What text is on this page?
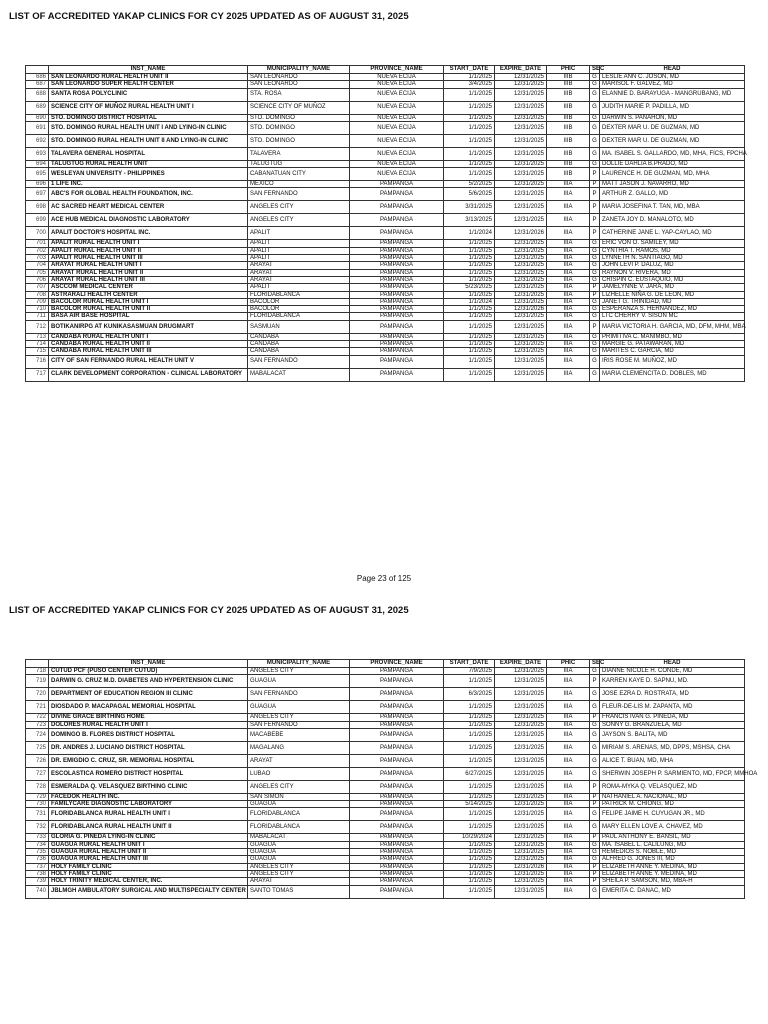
LIST OF ACCREDITED YAKAP CLINICS FOR CY 2025 UPDATED AS OF AUGUST 31, 2025
	INST_NAME	MUNICIPALITY_NAME	PROVINCE_NAME	START_DATE	EXPIRE_DATE	PHIC	SEC	HEAD
686	SAN LEONARDO RURAL HEALTH UNIT II	SAN LEONARDO	NUEVA ECIJA	1/1/2025	12/31/2025	IIIB	G	LESLIE ANN C. JOSON, MD
687	SAN LEONARDO SUPER HEALTH CENTER	SAN LEONARDO	NUEVA ECIJA	3/4/2025	12/31/2025	IIIB	G	MARISOL F. GALVEZ, MD
688	SANTA ROSA POLYCLINIC	STA. ROSA	NUEVA ECIJA	1/1/2025	12/31/2025	IIIB	G	ELANNIE D. BARAYUGA - MANGRUBANG, MD
689	SCIENCE CITY OF MUÑOZ RURAL HEALTH UNIT I	SCIENCE CITY OF MUÑOZ	NUEVA ECIJA	1/1/2025	12/31/2025	IIIB	G	JUDITH MARIE P. PADILLA, MD
690	STO. DOMINGO DISTRICT HOSPITAL	STO. DOMINGO	NUEVA ECIJA	1/1/2025	12/31/2025	IIIB	G	DARWIN S. PANAHON, MD
691	STO. DOMINGO RURAL HEALTH UNIT I AND LYING-IN CLINIC	STO. DOMINGO	NUEVA ECIJA	1/1/2025	12/31/2025	IIIB	G	DEXTER MAR U. DE GUZMAN, MD
692	STO. DOMINGO RURAL HEALTH UNIT II AND LYING-IN CLINIC	STO. DOMINGO	NUEVA ECIJA	1/1/2025	12/31/2025	IIIB	G	DEXTER MAR U. DE GUZMAN, MD
693	TALAVERA GENERAL HOSPITAL	TALAVERA	NUEVA ECIJA	1/1/2025	12/31/2025	IIIB	G	MA. ISABEL S. GALLARDO, MD, MHA, FICS, FPCHA
694	TALUGTUG RURAL HEALTH UNIT	TALUGTUG	NUEVA ECIJA	1/1/2025	12/31/2025	IIIB	G	DOLLIE DAHLIA B.PRADO, MD
695	WESLEYAN UNIVERSITY - PHILIPPINES	CABANATUAN CITY	NUEVA ECIJA	1/1/2025	12/31/2025	IIIB	P	LAURENCE H. DE GUZMAN, MD, MHA
696	1 LIFE INC.	MEXICO	PAMPANGA	5/2/2025	12/31/2025	IIIA	P	MATT JASON J. NAVARRO, MD
697	ABC'S FOR GLOBAL HEALTH FOUNDATION, INC.	SAN FERNANDO	PAMPANGA	5/6/2025	12/31/2025	IIIA	P	ARTHUR Z. GALLO, MD
698	AC SACRED HEART MEDICAL CENTER	ANGELES CITY	PAMPANGA	3/31/2025	12/31/2025	IIIA	P	MARIA JOSEFINA T. TAN, MD, MBA
699	ACE HUB MEDICAL DIAGNOSTIC LABORATORY	ANGELES CITY	PAMPANGA	3/13/2025	12/31/2025	IIIA	P	ZANETA JOY D. MANALOTO, MD
700	APALIT DOCTOR'S HOSPITAL INC.	APALIT	PAMPANGA	1/1/2024	12/31/2026	IIIA	P	CATHERINE JANE L. YAP-CAYLAO, MD
701	APALIT RURAL HEALTH UNIT I	APALIT	PAMPANGA	1/1/2025	12/31/2025	IIIA	G	ERIC VON O. SAMILEY, MD
702	APALIT RURAL HEALTH UNIT II	APALIT	PAMPANGA	1/1/2025	12/31/2025	IIIA	G	CYNTHIA T. RAMOS, MD
703	APALIT RURAL HEALTH UNIT III	APALIT	PAMPANGA	1/1/2025	12/31/2025	IIIA	G	LYNNETH N. SANTIAGO, MD
704	ARAYAT RURAL HEALTH UNIT I	ARAYAT	PAMPANGA	1/1/2025	12/31/2025	IIIA	G	JOHN LEVI P. DALUZ, MD
705	ARAYAT RURAL HEALTH UNIT II	ARAYAT	PAMPANGA	1/1/2025	12/31/2025	IIIA	G	RAYNON V. RIVERA, MD
706	ARAYAT RURAL HEALTH UNIT III	ARAYAT	PAMPANGA	1/1/2025	12/31/2025	IIIA	G	CRISPIN C. EUSTAQUIO, MD
707	ASCCOM MEDICAL CENTER	APALIT	PAMPANGA	5/23/2025	12/31/2025	IIIA	P	JAMELYNNE V. JARA, MD
708	ASTRARALI HEALTH CENTER	FLORIDABLANCA	PAMPANGA	1/1/2025	12/31/2025	IIIA	P	LIZHELLE NIÑA G. DE LEON, MD
709	BACOLOR RURAL HEALTH UNIT I	BACOLOR	PAMPANGA	1/1/2024	12/31/2025	IIIA	G	JANET G. TRINIDAD, MD
710	BACOLOR RURAL HEALTH UNIT II	BACOLOR	PAMPANGA	1/1/2025	12/31/2026	IIIA	G	ESPERANZA S. HERNANDEZ, MD
711	BASA AIR BASE HOSPITAL	FLORIDABLANCA	PAMPANGA	1/1/2025	12/31/2025	IIIA	G	LTC CHERRY V. SISON MC
712	BOTIKANIRPG AT KUNIKASASMUAN DRUGMART	SASMUAN	PAMPANGA	1/1/2025	12/31/2025	IIIA	P	MARIA VICTORIA H. GARCIA, MD, DFM, MHM, MBA
713	CANDABA RURAL HEALTH UNIT I	CANDABA	PAMPANGA	1/1/2025	12/31/2025	IIIA	G	PRIMITIVA C. MANIMBO, MD
714	CANDABA RURAL HEALTH UNIT II	CANDABA	PAMPANGA	1/1/2025	12/31/2025	IIIA	G	MARGIE G. PATAWARAN, MD
715	CANDABA RURAL HEALTH UNIT III	CANDABA	PAMPANGA	1/1/2025	12/31/2025	IIIA	G	MARITES C. GARCIA, MD
716	CITY OF SAN FERNANDO RURAL HEALTH UNIT V	SAN FERNANDO	PAMPANGA	1/1/2025	12/31/2025	IIIA	G	IRIS ROSE M. MUÑOZ, MD
717	CLARK DEVELOPMENT CORPORATION - CLINICAL LABORATORY	MABALACAT	PAMPANGA	1/1/2025	12/31/2025	IIIA	G	MARIA CLEMENCITA D. DOBLES, MD
Page 23 of 125
LIST OF ACCREDITED YAKAP CLINICS FOR CY 2025 UPDATED AS OF AUGUST 31, 2025
	INST_NAME	MUNICIPALITY_NAME	PROVINCE_NAME	START_DATE	EXPIRE_DATE	PHIC	SEC	HEAD
718	CUTUD PCF (PUSO CENTER CUTUD)	ANGELES CITY	PAMPANGA	7/9/2025	12/31/2025	IIIA	G	DIANNE NICOLE H. CONDE, MD
719	DARWIN G. CRUZ M.D. DIABETES AND HYPERTENSION CLINIC	GUAGUA	PAMPANGA	1/1/2025	12/31/2025	IIIA	P	KARREN KAYE D. SAPNU, MD.
720	DEPARTMENT OF EDUCATION REGION III CLINIC	SAN FERNANDO	PAMPANGA	6/3/2025	12/31/2025	IIIA	G	JOSE EZRA D. ROSTRATA, MD
721	DIOSDADO P. MACAPAGAL MEMORIAL HOSPITAL	GUAGUA	PAMPANGA	1/1/2025	12/31/2025	IIIA	G	FLEUR-DE-LIS M. ZAPANTA, MD
722	DIVINE GRACE BIRTHING HOME	ANGELES CITY	PAMPANGA	1/1/2025	12/31/2025	IIIA	P	FRANCIS IVAN G. PINEDA, MD
723	DOLORES RURAL HEALTH UNIT I	SAN FERNANDO	PAMPANGA	1/1/2025	12/31/2025	IIIA	G	SONNY G. BRANZUELA, MD
724	DOMINGO B. FLORES DISTRICT HOSPITAL	MACABEBE	PAMPANGA	1/1/2025	12/31/2025	IIIA	G	JAYSON S. BALITA, MD
725	DR. ANDRES J. LUCIANO DISTRICT HOSPITAL	MAGALANG	PAMPANGA	1/1/2025	12/31/2025	IIIA	G	MIRIAM S. ARENAS, MD, DPPS, MSHSA, CHA
726	DR. EMIGDIO C. CRUZ, SR. MEMORIAL HOSPITAL	ARAYAT	PAMPANGA	1/1/2025	12/31/2025	IIIA	G	ALICE T. BUAN, MD, MHA
727	ESCOLASTICA ROMERO DISTRICT HOSPITAL	LUBAO	PAMPANGA	6/27/2025	12/31/2025	IIIA	G	SHERWIN JOSEPH P. SARMIENTO, MD, FPCP, MMHOA
728	ESMERALDA Q. VELASQUEZ BIRTHING CLINIC	ANGELES CITY	PAMPANGA	1/1/2025	12/31/2025	IIIA	P	ROMA-MYKA Q. VELASQUEZ, MD
729	FACEDOK HEALTH INC.	SAN SIMON	PAMPANGA	1/1/2025	12/31/2025	IIIA	P	NATHANIEL A. NACIONAL, MD
730	FAMILYCARE DIAGNOSTIC LABORATORY	GUAGUA	PAMPANGA	5/14/2025	12/31/2025	IIIA	P	PATRICK M. CHIONG, MD
731	FLORIDABLANCA RURAL HEALTH UNIT I	FLORIDABLANCA	PAMPANGA	1/1/2025	12/31/2025	IIIA	G	FELIPE JAIME H. CUYUGAN JR., MD
732	FLORIDABLANCA RURAL HEALTH UNIT II	FLORIDABLANCA	PAMPANGA	1/1/2025	12/31/2025	IIIA	G	MARY ELLEN LOVE A. CHAVEZ, MD
733	GLORIA G. PINEDA LYING-IN CLINIC	MABALACAT	PAMPANGA	10/29/2024	12/31/2025	IIIA	P	PAUL ANTHONY E. BANSIL, MD
734	GUAGUA RURAL HEALTH UNIT I	GUAGUA	PAMPANGA	1/1/2025	12/31/2025	IIIA	G	MA. ISABEL L. CALILUNG, MD
735	GUAGUA RURAL HEALTH UNIT II	GUAGUA	PAMPANGA	1/1/2025	12/31/2025	IIIA	G	REMEDIOS S. NOBLE, MD
736	GUAGUA RURAL HEALTH UNIT III	GUAGUA	PAMPANGA	1/1/2025	12/31/2025	IIIA	G	ALFRED G. JONES III, MD
737	HOLY FAMILY CLINIC	ANGELES CITY	PAMPANGA	1/1/2025	12/31/2026	IIIA	P	ELIZABETH ANNE Y. MEDINA, MD
738	HOLY FAMILY CLINIC	ANGELES CITY	PAMPANGA	1/1/2025	12/31/2025	IIIA	P	ELIZABETH ANNE Y. MEDINA, MD
739	HOLY TRINITY MEDICAL CENTER, INC.	ARAYAT	PAMPANGA	1/1/2025	12/31/2025	IIIA	P	SHEILA P. SAMSON, MD, MBA-H
740	JBLMGH AMBULATORY SURGICAL AND MULTISPECIALTY CENTER	SANTO TOMAS	PAMPANGA	1/1/2025	12/31/2025	IIIA	G	EMERITA C. DANAC, MD
